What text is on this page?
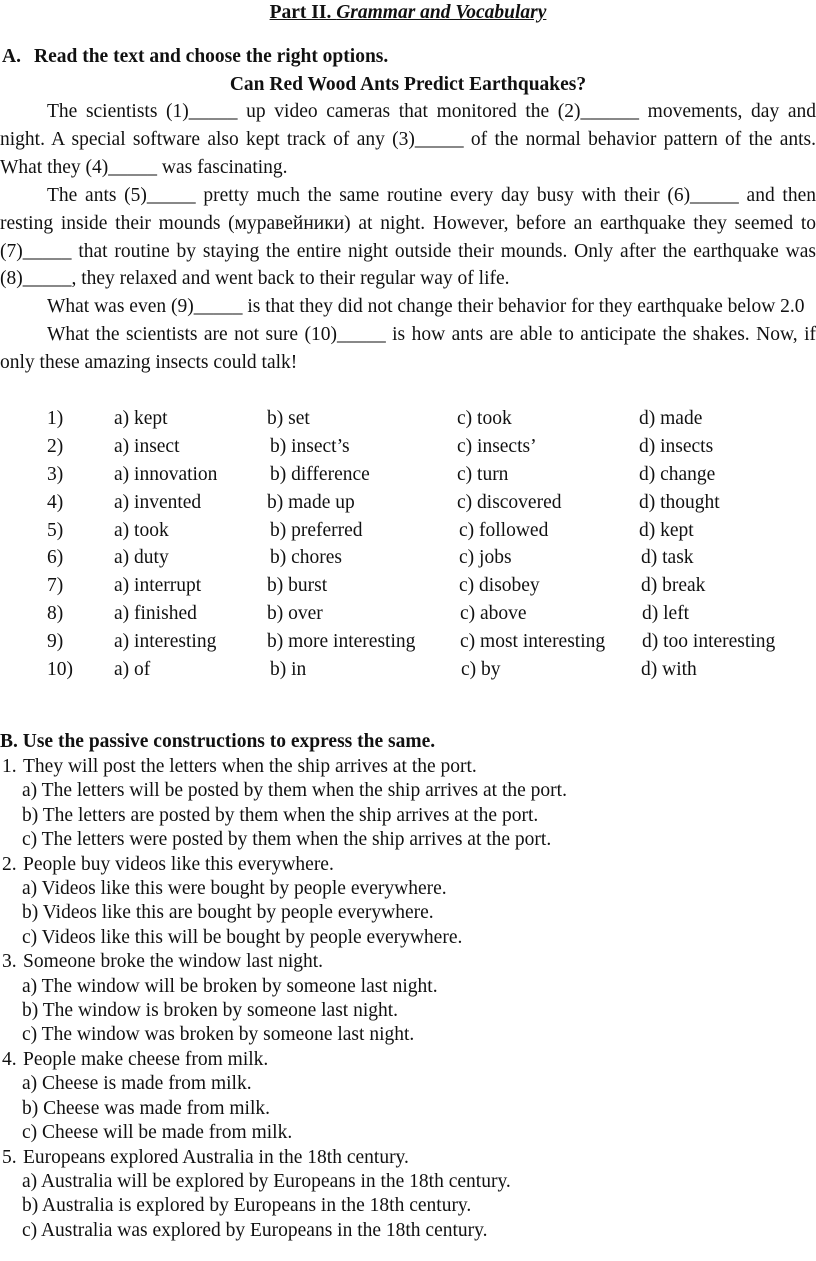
Part II. Grammar and Vocabulary
A. Read the text and choose the right options.
Can Red Wood Ants Predict Earthquakes?

The scientists (1)_____ up video cameras that monitored the (2)______ movements, day and night. A special software also kept track of any (3)_____ of the normal behavior pattern of the ants. What they (4)_____ was fascinating.

The ants (5)_____ pretty much the same routine every day busy with their (6)_____ and then resting inside their mounds (муравейники) at night. However, before an earthquake they seemed to (7)_____ that routine by staying the entire night outside their mounds. Only after the earthquake was (8)_____, they relaxed and went back to their regular way of life.

What was even (9)_____ is that they did not change their behavior for they earthquake below 2.0

What the scientists are not sure (10)_____ is how ants are able to anticipate the shakes. Now, if only these amazing insects could talk!

1)	a) kept	b) set	c) took	d) made
2)	a) insect	b) insect’s	c) insects’	d) insects
3)	a) innovation	b) difference	c) turn	d) change
4)	a) invented	b) made up	c) discovered	d) thought
5)	a) took	b) preferred	c) followed	d) kept
6)	a) duty	b) chores	c) jobs	d) task
7)	a) interrupt	b) burst	c) disobey	d) break
8)	a) finished	b) over	c) above	d) left
9)	a) interesting	b) more interesting c) most interesting d) too interesting
10) a) of	b) in	c) by	d) with
B. Use the passive constructions to express the same.

1. They will post the letters when the ship arrives at the port.

a) The letters will be posted by them when the ship arrives at the port.

b) The letters are posted by them when the ship arrives at the port.

c) The letters were posted by them when the ship arrives at the port.

2. People buy videos like this everywhere.

a) Videos like this were bought by people everywhere.

b) Videos like this are bought by people everywhere.

c) Videos like this will be bought by people everywhere.

3. Someone broke the window last night.

a) The window will be broken by someone last night.

b) The window is broken by someone last night.

c) The window was broken by someone last night.

4. People make cheese from milk.

a) Cheese is made from milk.

b) Cheese was made from milk.

c) Cheese will be made from milk.

5. Europeans explored Australia in the 18th century.

a) Australia will be explored by Europeans in the 18th century.

b) Australia is explored by Europeans in the 18th century.

c) Australia was explored by Europeans in the 18th century.
